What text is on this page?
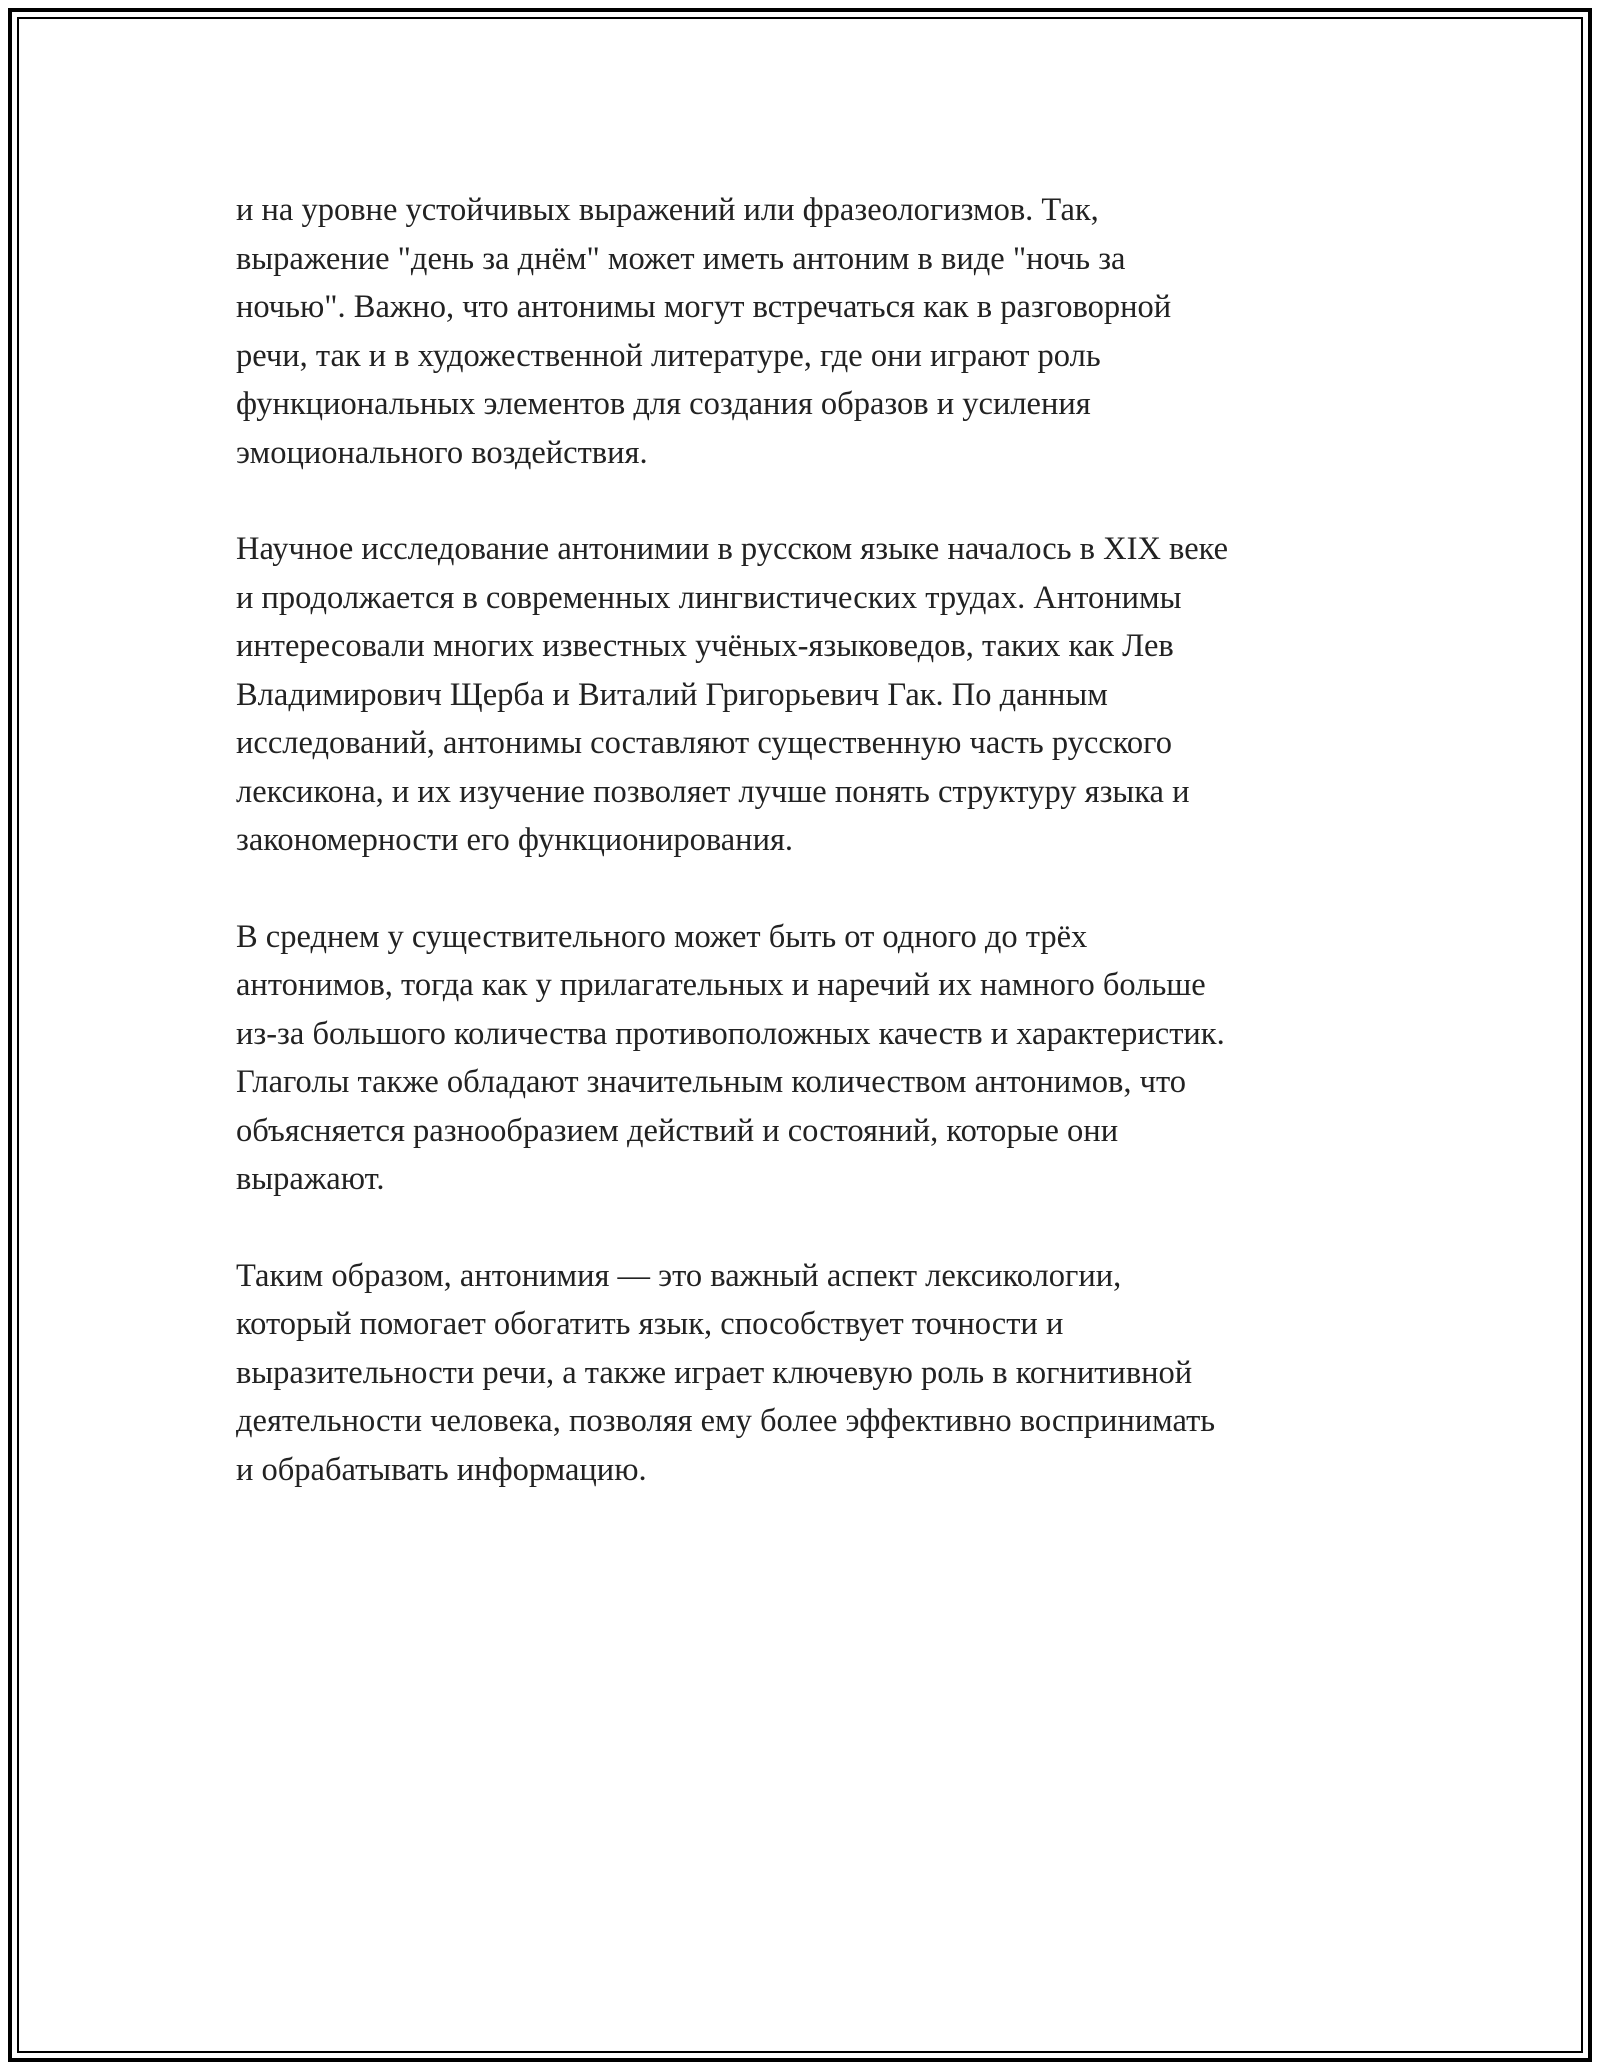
и на уровне устойчивых выражений или фразеологизмов. Так,
выражение "день за днём" может иметь антоним в виде "ночь за
ночью". Важно, что антонимы могут встречаться как в разговорной
речи, так и в художественной литературе, где они играют роль
функциональных элементов для создания образов и усиления
эмоционального воздействия.

Научное исследование антонимии в русском языке началось в XIX веке
и продолжается в современных лингвистических трудах. Антонимы
интересовали многих известных учёных-языковедов, таких как Лев
Владимирович Щерба и Виталий Григорьевич Гак. По данным
исследований, антонимы составляют существенную часть русского
лексикона, и их изучение позволяет лучше понять структуру языка и
закономерности его функционирования.

В среднем у существительного может быть от одного до трёх
антонимов, тогда как у прилагательных и наречий их намного больше
из-за большого количества противоположных качеств и характеристик.
Глаголы также обладают значительным количеством антонимов, что
объясняется разнообразием действий и состояний, которые они
выражают.

Таким образом, антонимия — это важный аспект лексикологии,
который помогает обогатить язык, способствует точности и
выразительности речи, а также играет ключевую роль в когнитивной
деятельности человека, позволяя ему более эффективно воспринимать
и обрабатывать информацию.
